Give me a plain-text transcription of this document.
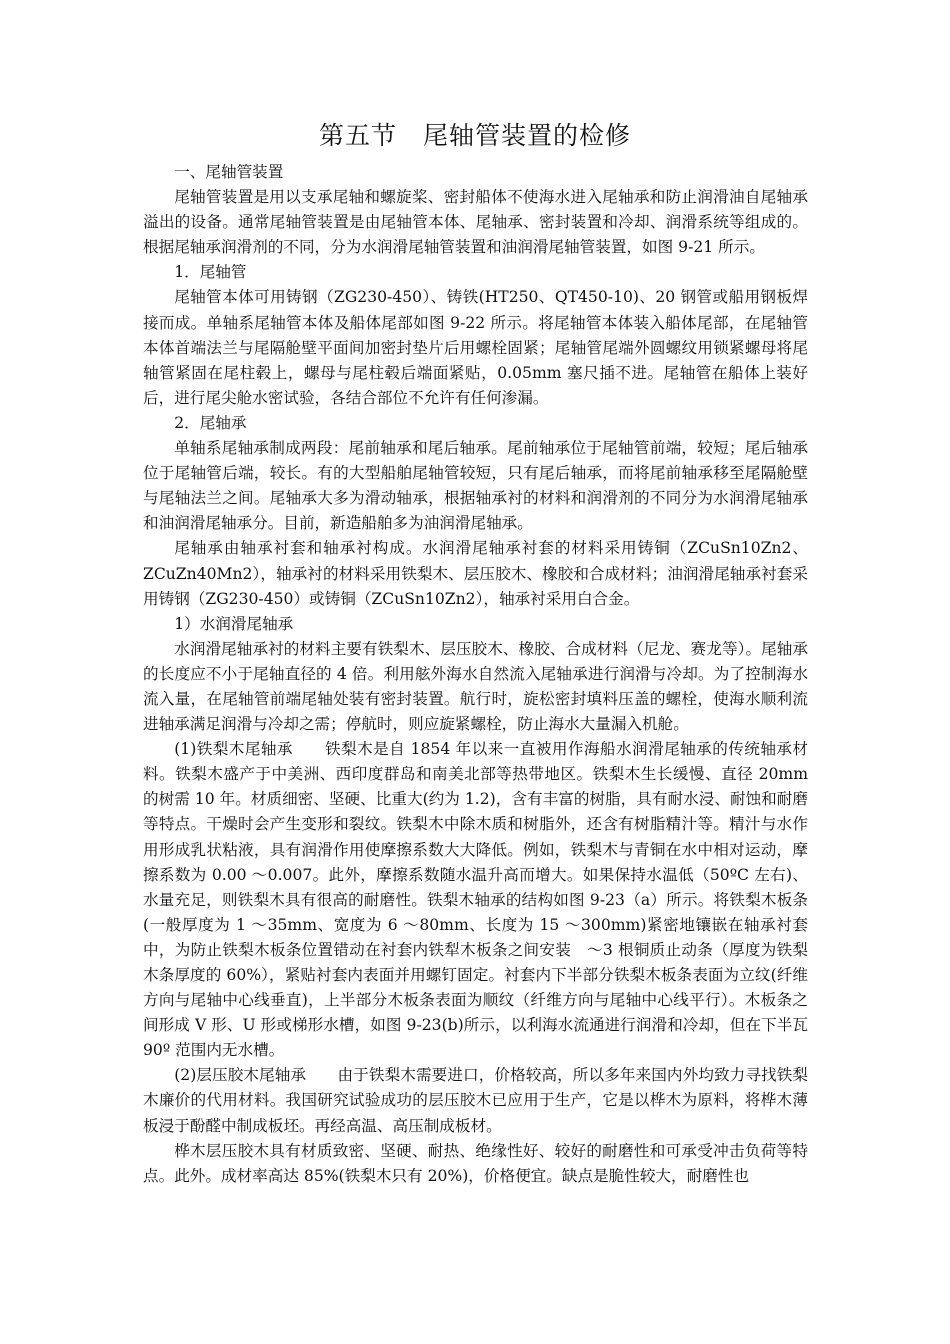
第五节　尾轴管装置的检修

一、尾轴管装置

尾轴管装置是用以支承尾轴和螺旋桨、密封船体不使海水进入尾轴承和防止润滑油自尾轴承溢出的设备。通常尾轴管装置是由尾轴管本体、尾轴承、密封装置和冷却、润滑系统等组成的。根据尾轴承润滑剂的不同，分为水润滑尾轴管装置和油润滑尾轴管装置，如图 9-21 所示。

1．尾轴管

尾轴管本体可用铸钢（ZG230-450）、铸铁(HT250、QT450-10)、20 钢管或船用钢板焊接而成。单轴系尾轴管本体及船体尾部如图 9-22 所示。将尾轴管本体装入船体尾部，在尾轴管本体首端法兰与尾隔舱壁平面间加密封垫片后用螺栓固紧；尾轴管尾端外圆螺纹用锁紧螺母将尾轴管紧固在尾柱毂上，螺母与尾柱毂后端面紧贴，0.05mm 塞尺插不进。尾轴管在船体上装好后，进行尾尖舱水密试验，各结合部位不允许有任何渗漏。

2．尾轴承

单轴系尾轴承制成两段：尾前轴承和尾后轴承。尾前轴承位于尾轴管前端，较短；尾后轴承位于尾轴管后端，较长。有的大型船舶尾轴管较短，只有尾后轴承，而将尾前轴承移至尾隔舱壁与尾轴法兰之间。尾轴承大多为滑动轴承，根据轴承衬的材料和润滑剂的不同分为水润滑尾轴承和油润滑尾轴承分。目前，新造船舶多为油润滑尾轴承。

尾轴承由轴承衬套和轴承衬构成。水润滑尾轴承衬套的材料采用铸铜（ZCuSn10Zn2、ZCuZn40Mn2），轴承衬的材料采用铁梨木、层压胶木、橡胶和合成材料；油润滑尾轴承衬套采用铸钢（ZG230-450）或铸铜（ZCuSn10Zn2），轴承衬采用白合金。

1）水润滑尾轴承

水润滑尾轴承衬的材料主要有铁梨木、层压胶木、橡胶、合成材料（尼龙、赛龙等）。尾轴承的长度应不小于尾轴直径的 4 倍。利用舷外海水自然流入尾轴承进行润滑与冷却。为了控制海水流入量，在尾轴管前端尾轴处装有密封装置。航行时，旋松密封填料压盖的螺栓，使海水顺利流进轴承满足润滑与冷却之需；停航时，则应旋紧螺栓，防止海水大量漏入机舱。

(1)铁梨木尾轴承　　铁梨木是自 1854 年以来一直被用作海船水润滑尾轴承的传统轴承材料。铁梨木盛产于中美洲、西印度群岛和南美北部等热带地区。铁梨木生长缓慢、直径 20mm 的树需 10 年。材质细密、坚硬、比重大(约为 1.2)，含有丰富的树脂，具有耐水浸、耐蚀和耐磨等特点。干燥时会产生变形和裂纹。铁梨木中除木质和树脂外，还含有树脂精汁等。精汁与水作用形成乳状粘液，具有润滑作用使摩擦系数大大降低。例如，铁梨木与青铜在水中相对运动，摩擦系数为 0.00 ～0.007。此外，摩擦系数随水温升高而增大。如果保持水温低（50ºC 左右)、水量充足，则铁梨木具有很高的耐磨性。铁梨木轴承的结构如图 9-23（a）所示。将铁梨木板条(一般厚度为 1 ～35mm、宽度为 6 ～80mm、长度为 15 ～300mm)紧密地镶嵌在轴承衬套中，为防止铁梨木板条位置错动在衬套内铁犁木板条之间安装　～3 根铜质止动条（厚度为铁梨木条厚度的 60%），紧贴衬套内表面并用螺钉固定。衬套内下半部分铁梨木板条表面为立纹(纤维方向与尾轴中心线垂直)，上半部分木板条表面为顺纹（纤维方向与尾轴中心线平行）。木板条之间形成 V 形、U 形或梯形水槽，如图 9-23(b)所示，以利海水流通进行润滑和冷却，但在下半瓦 90º 范围内无水槽。

(2)层压胶木尾轴承　　由于铁梨木需要进口，价格较高，所以多年来国内外均致力寻找铁梨木廉价的代用材料。我国研究试验成功的层压胶木已应用于生产，它是以桦木为原料，将桦木薄板浸于酚醛中制成板坯。再经高温、高压制成板材。

桦木层压胶木具有材质致密、坚硬、耐热、绝缘性好、较好的耐磨性和可承受冲击负荷等特点。此外。成材率高达 85%(铁梨木只有 20%)，价格便宜。缺点是脆性较大，耐磨性也
